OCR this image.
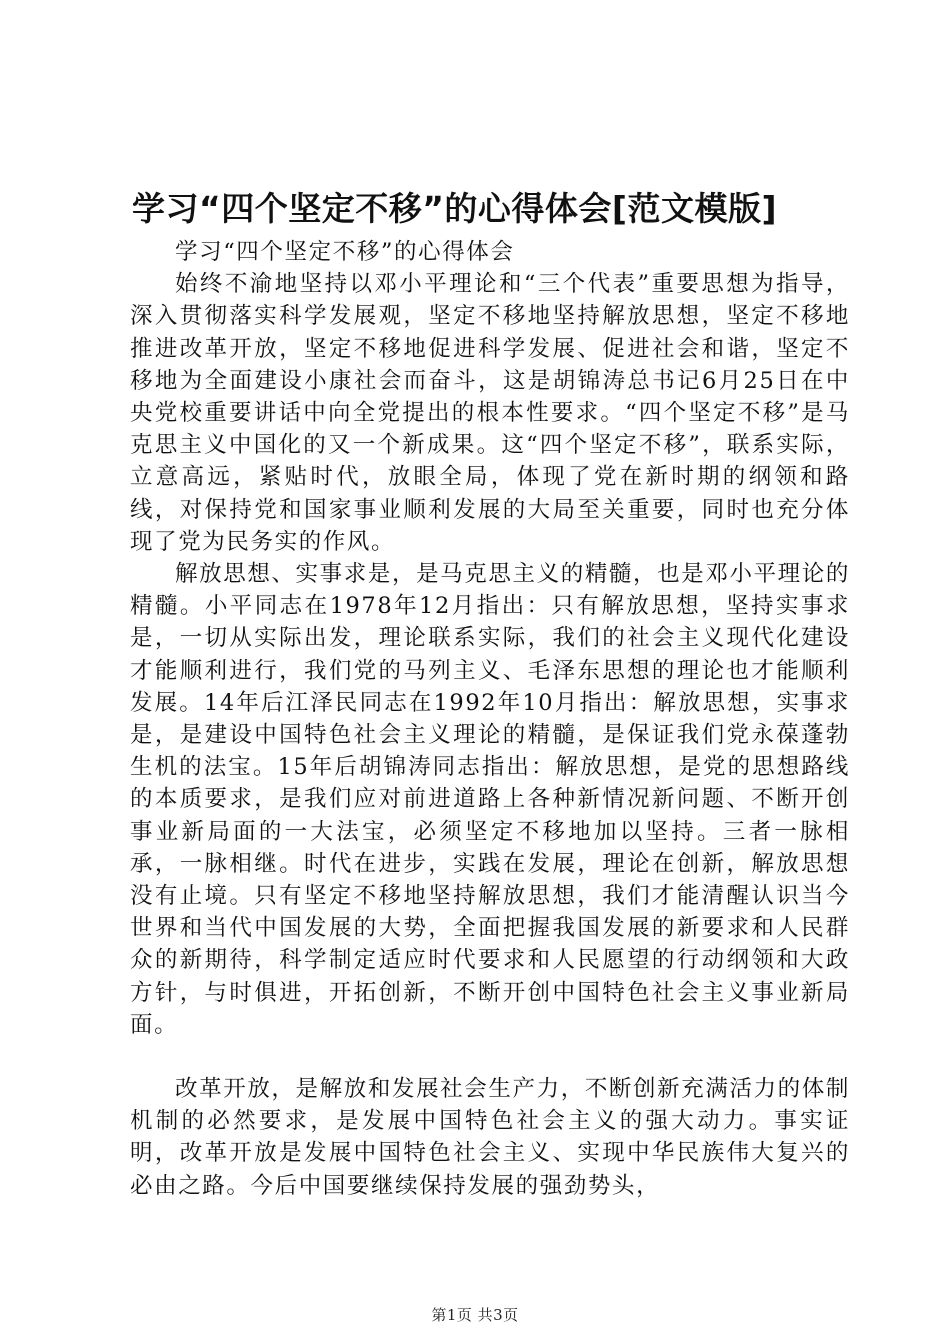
学习“四个坚定不移”的心得体会[范文模版]

学习“四个坚定不移”的心得体会

始终不渝地坚持以邓小平理论和“三个代表”重要思想为指导，深入贯彻落实科学发展观，坚定不移地坚持解放思想，坚定不移地推进改革开放，坚定不移地促进科学发展、促进社会和谐，坚定不移地为全面建设小康社会而奋斗，这是胡锦涛总书记6月25日在中央党校重要讲话中向全党提出的根本性要求。“四个坚定不移”是马克思主义中国化的又一个新成果。这“四个坚定不移”，联系实际，立意高远，紧贴时代，放眼全局，体现了党在新时期的纲领和路线，对保持党和国家事业顺利发展的大局至关重要，同时也充分体现了党为民务实的作风。

解放思想、实事求是，是马克思主义的精髓，也是邓小平理论的精髓。小平同志在1978年12月指出：只有解放思想，坚持实事求是，一切从实际出发，理论联系实际，我们的社会主义现代化建设才能顺利进行，我们党的马列主义、毛泽东思想的理论也才能顺利发展。14年后江泽民同志在1992年10月指出：解放思想，实事求是，是建设中国特色社会主义理论的精髓，是保证我们党永葆蓬勃生机的法宝。15年后胡锦涛同志指出：解放思想，是党的思想路线的本质要求，是我们应对前进道路上各种新情况新问题、不断开创事业新局面的一大法宝，必须坚定不移地加以坚持。三者一脉相承，一脉相继。时代在进步，实践在发展，理论在创新，解放思想没有止境。只有坚定不移地坚持解放思想，我们才能清醒认识当今世界和当代中国发展的大势，全面把握我国发展的新要求和人民群众的新期待，科学制定适应时代要求和人民愿望的行动纲领和大政方针，与时俱进，开拓创新，不断开创中国特色社会主义事业新局面。

改革开放，是解放和发展社会生产力，不断创新充满活力的体制机制的必然要求，是发展中国特色社会主义的强大动力。事实证明，改革开放是发展中国特色社会主义、实现中华民族伟大复兴的必由之路。今后中国要继续保持发展的强劲势头，

第1页 共3页
